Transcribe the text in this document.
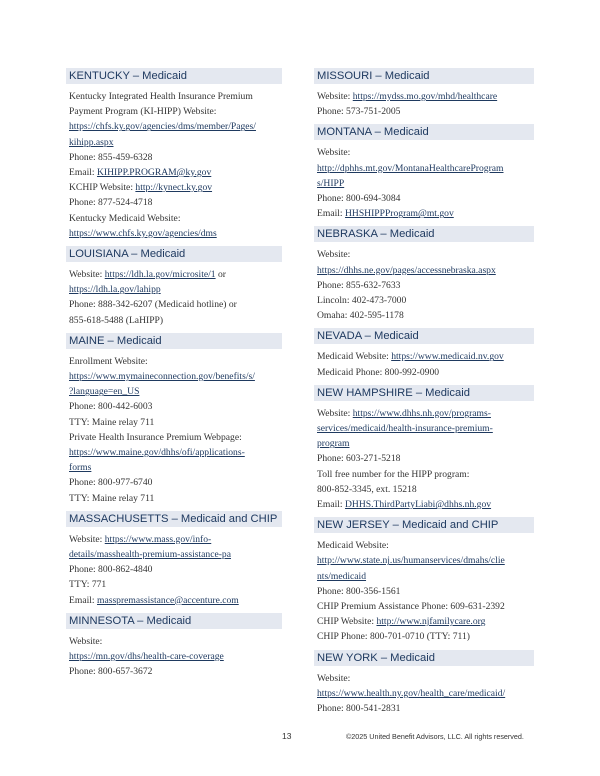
KENTUCKY – Medicaid
Kentucky Integrated Health Insurance Premium
Payment Program (KI-HIPP) Website:
https://chfs.ky.gov/agencies/dms/member/Pages/
kihipp.aspx
Phone: 855-459-6328
Email: KIHIPP.PROGRAM@ky.gov
KCHIP Website: http://kynect.ky.gov
Phone: 877-524-4718
Kentucky Medicaid Website:
https://www.chfs.ky.gov/agencies/dms
LOUISIANA – Medicaid
Website: https://ldh.la.gov/microsite/1 or
https://ldh.la.gov/lahipp
Phone: 888-342-6207 (Medicaid hotline) or
855-618-5488 (LaHIPP)
MAINE – Medicaid
Enrollment Website:
https://www.mymaineconnection.gov/benefits/s/
?language=en_US
Phone: 800-442-6003
TTY: Maine relay 711
Private Health Insurance Premium Webpage:
https://www.maine.gov/dhhs/ofi/applications-
forms
Phone: 800-977-6740
TTY: Maine relay 711
MASSACHUSETTS – Medicaid and CHIP
Website: https://www.mass.gov/info-
details/masshealth-premium-assistance-pa
Phone: 800-862-4840
TTY: 771
Email: masspremassistance@accenture.com
MINNESOTA – Medicaid
Website:
https://mn.gov/dhs/health-care-coverage
Phone: 800-657-3672
MISSOURI – Medicaid
Website: https://mydss.mo.gov/mhd/healthcare
Phone: 573-751-2005
MONTANA – Medicaid
Website:
http://dphhs.mt.gov/MontanaHealthcareProgram
s/HIPP
Phone: 800-694-3084
Email: HHSHIPPProgram@mt.gov
NEBRASKA – Medicaid
Website:
https://dhhs.ne.gov/pages/accessnebraska.aspx
Phone: 855-632-7633
Lincoln: 402-473-7000
Omaha: 402-595-1178
NEVADA – Medicaid
Medicaid Website: https://www.medicaid.nv.gov
Medicaid Phone: 800-992-0900
NEW HAMPSHIRE – Medicaid
Website: https://www.dhhs.nh.gov/programs-
services/medicaid/health-insurance-premium-
program
Phone: 603-271-5218
Toll free number for the HIPP program:
800-852-3345, ext. 15218
Email: DHHS.ThirdPartyLiabi@dhhs.nh.gov
NEW JERSEY – Medicaid and CHIP
Medicaid Website:
http://www.state.nj.us/humanservices/dmahs/clie
nts/medicaid
Phone: 800-356-1561
CHIP Premium Assistance Phone: 609-631-2392
CHIP Website: http://www.njfamilycare.org
CHIP Phone: 800-701-0710 (TTY: 711)
NEW YORK – Medicaid
Website:
https://www.health.ny.gov/health_care/medicaid/
Phone: 800-541-2831
13	©2025 United Benefit Advisors, LLC. All rights reserved.
